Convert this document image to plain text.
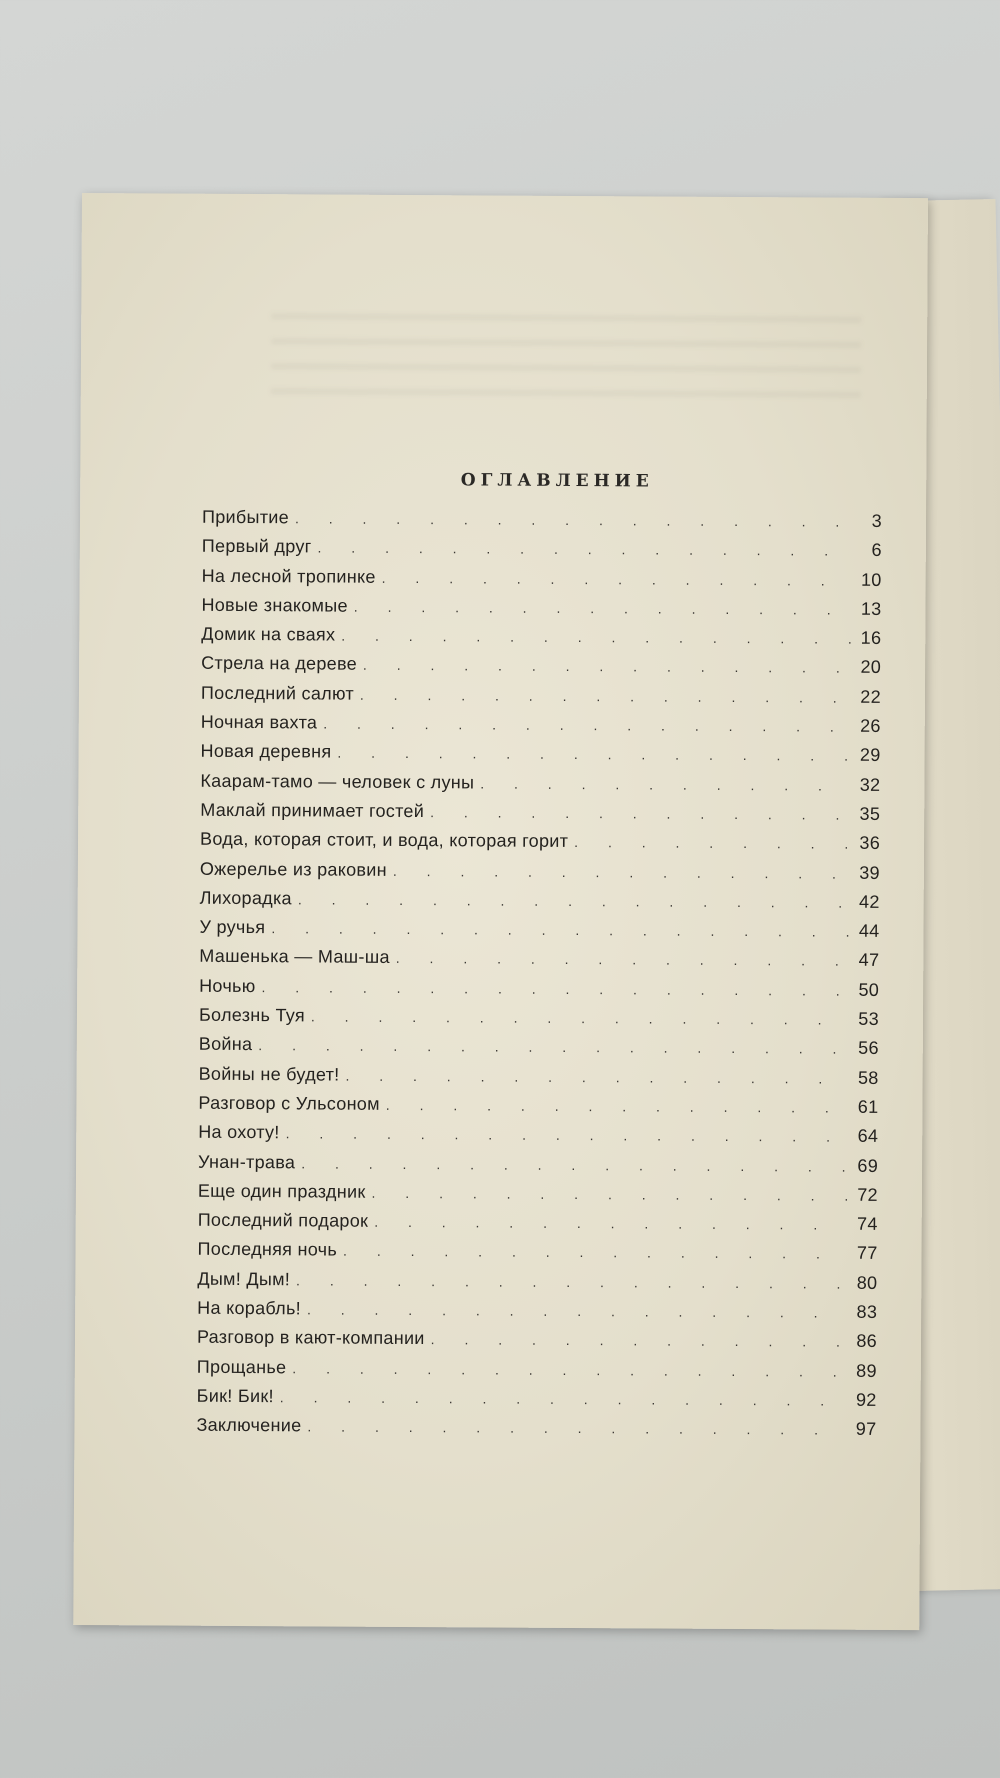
ОГЛАВЛЕНИЕ
Прибытие . . .	3
Первый друг . . .	6
На лесной тропинке . . .	10
Новые знакомые . . .	13
Домик на сваях . . .	16
Стрела на дереве . . .	20
Последний салют . . .	22
Ночная вахта . . .	26
Новая деревня . . .	29
Каарам-тамо — человек с луны . . .	32
Маклай принимает гостей . . .	35
Вода, которая стоит, и вода, которая горит . . .	36
Ожерелье из раковин . . .	39
Лихорадка . . .	42
У ручья . . .	44
Машенька — Маш-ша . . .	47
Ночью . . .	50
Болезнь Туя . . .	53
Война . . .	56
Войны не будет! . . .	58
Разговор с Ульсоном . . .	61
На охоту! . . .	64
Унан-трава . . .	69
Еще один праздник . . .	72
Последний подарок . . .	74
Последняя ночь . . .	77
Дым! Дым! . . .	80
На корабль! . . .	83
Разговор в кают-компании . . .	86
Прощанье . . .	89
Бик! Бик! . . .	92
Заключение . . .	97
